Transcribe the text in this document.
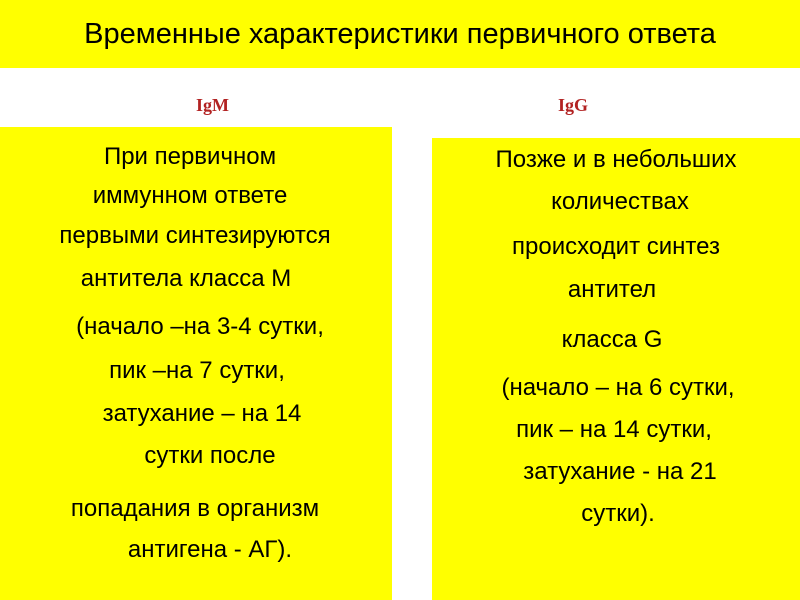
Временные характеристики первичного ответа
IgM	IgG
При первичном
иммунном ответе
первыми синтезируются
антитела класса М
(начало –на 3-4 сутки,
пик –на 7 сутки,
затухание – на 14
сутки после
попадания в организм
антигена - АГ).
Позже и в небольших
количествах
происходит синтез
антител
класса G
(начало – на 6 сутки,
пик – на 14 сутки,
затухание - на 21
сутки).
